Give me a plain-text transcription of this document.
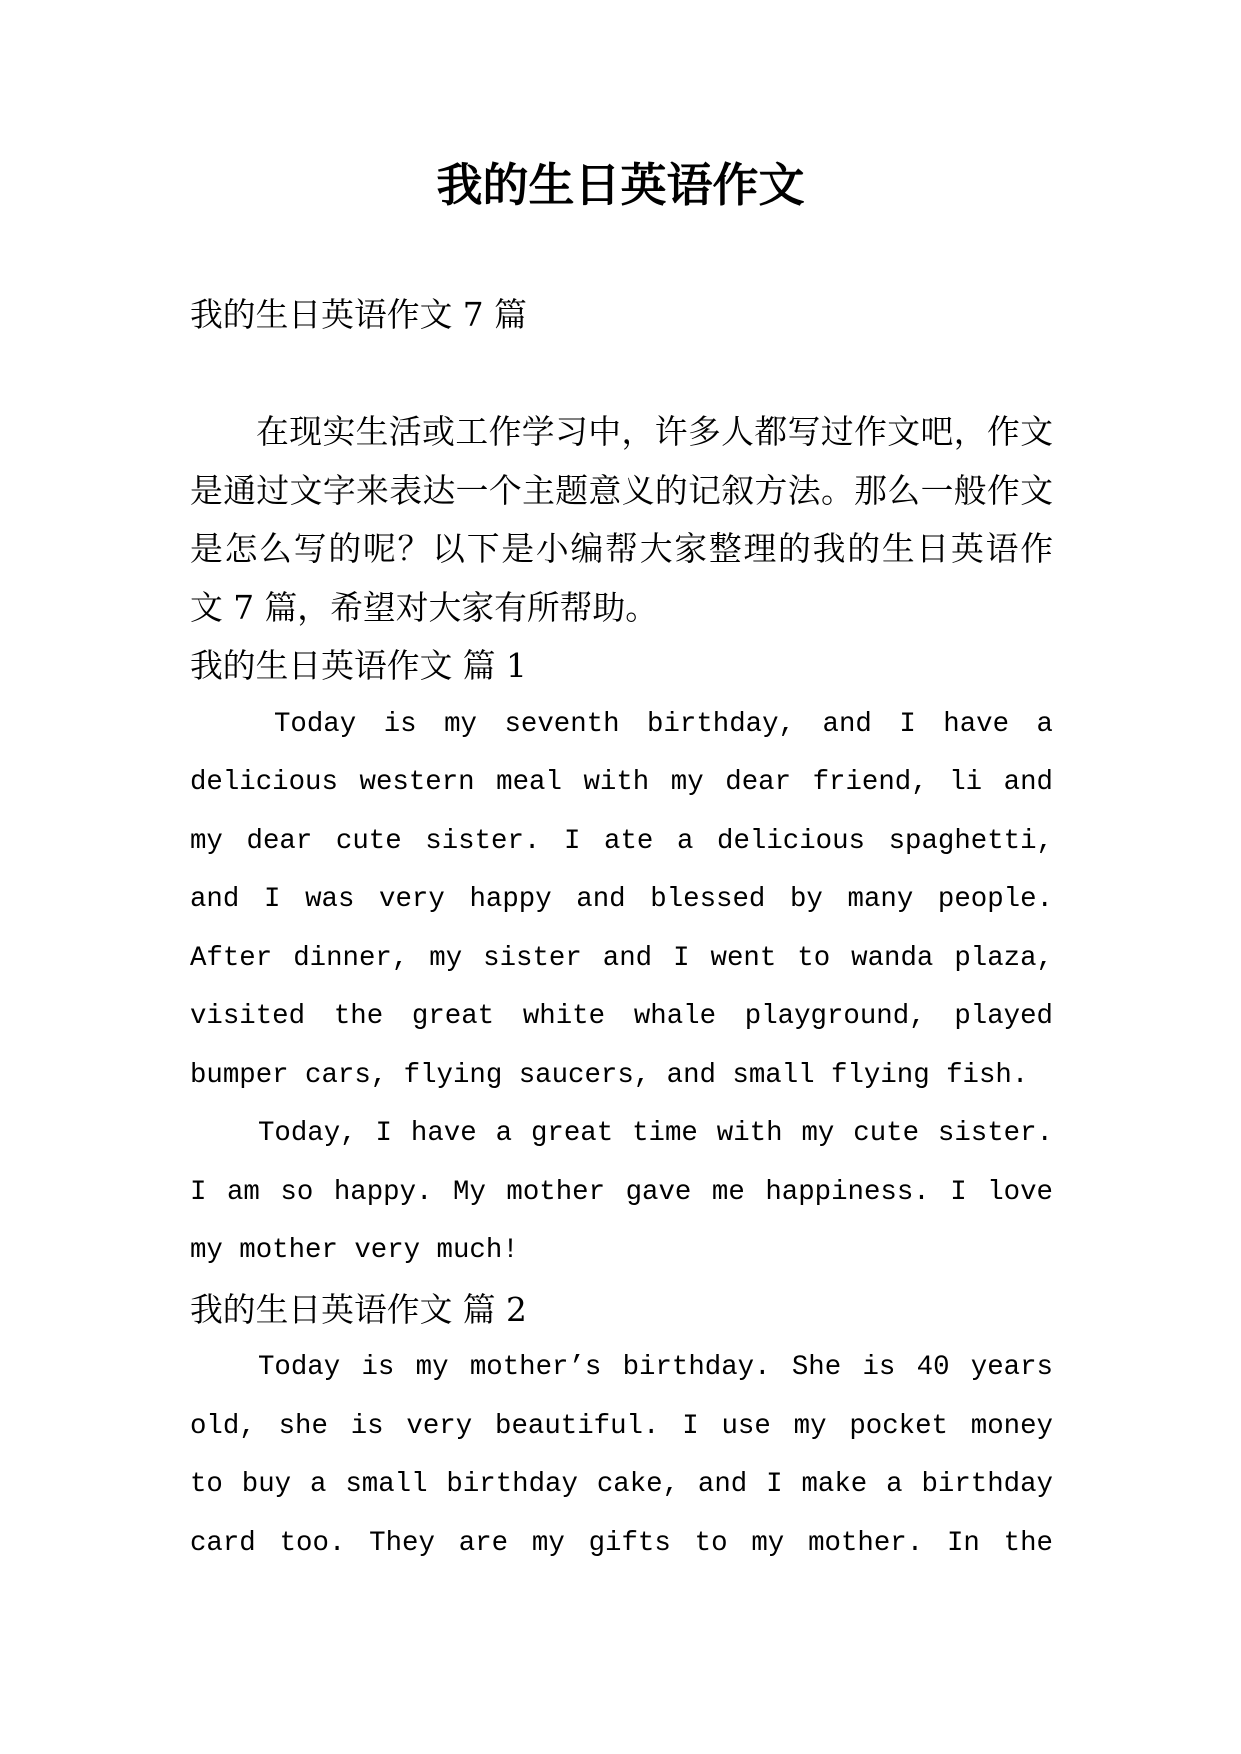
我的生日英语作文
我的生日英语作文 7 篇
在现实生活或工作学习中，许多人都写过作文吧，作文
是通过文字来表达一个主题意义的记叙方法。那么一般作文
是怎么写的呢？以下是小编帮大家整理的我的生日英语作
文 7 篇，希望对大家有所帮助。
我的生日英语作文 篇 1
Today is my seventh birthday, and I have a
delicious western meal with my dear friend, li and
my dear cute sister. I ate a delicious spaghetti,
and I was very happy and blessed by many people.
After dinner, my sister and I went to wanda plaza,
visited the great white whale playground, played
bumper cars, flying saucers, and small flying fish.
Today, I have a great time with my cute sister.
I am so happy. My mother gave me happiness. I love
my mother very much!
我的生日英语作文 篇 2
Today is my mother’s birthday. She is 40 years
old, she is very beautiful. I use my pocket money
to buy a small birthday cake, and I make a birthday
card too. They are my gifts to my mother. In the
